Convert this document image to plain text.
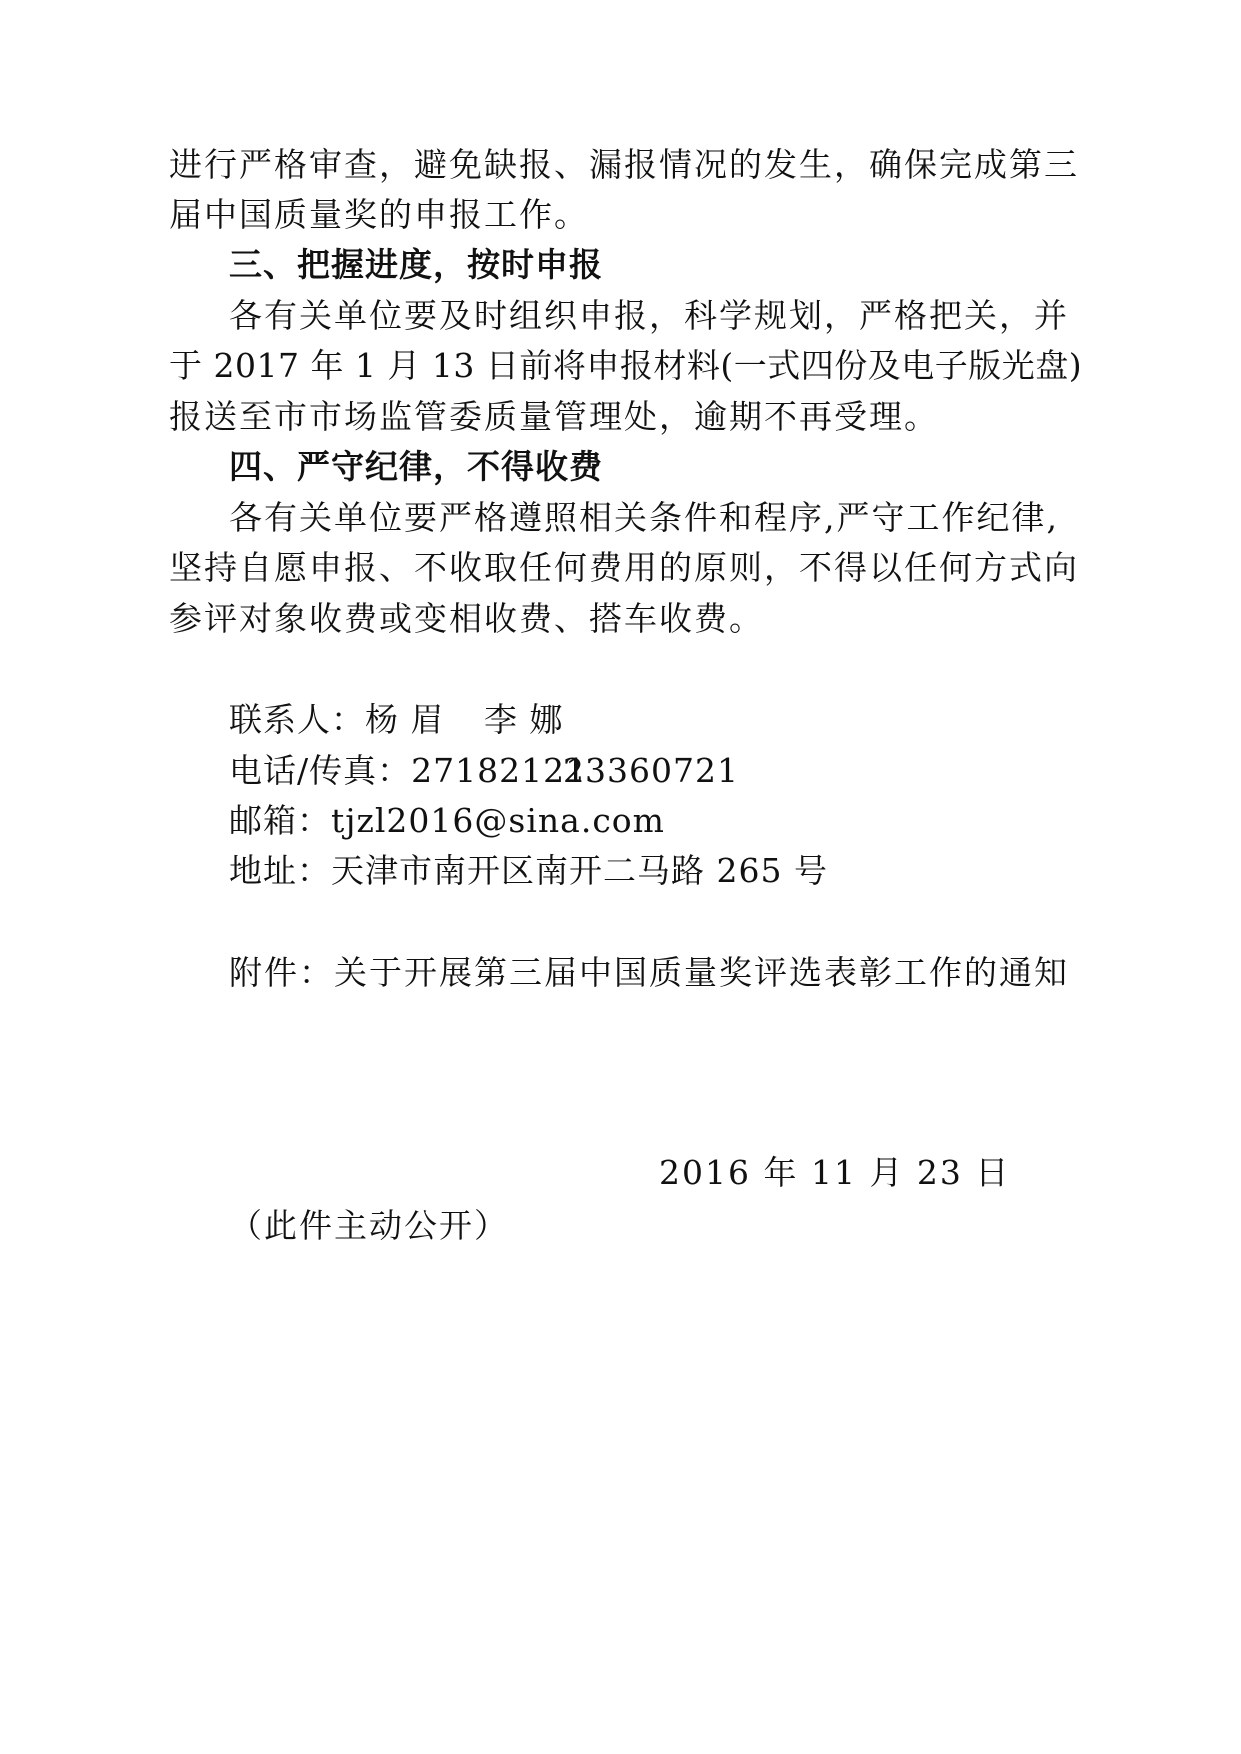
进行严格审查，避免缺报、漏报情况的发生，确保完成第三
届中国质量奖的申报工作。
三、把握进度，按时申报
各有关单位要及时组织申报，科学规划，严格把关，并
于 2017 年 1 月 13 日前将申报材料(一式四份及电子版光盘)
报送至市市场监管委质量管理处，逾期不再受理。
四、严守纪律，不得收费
各有关单位要严格遵照相关条件和程序,严守工作纪律,
坚持自愿申报、不收取任何费用的原则，不得以任何方式向
参评对象收费或变相收费、搭车收费。
联系人：杨 眉 李 娜
电话/传真：27182121
23360721
邮箱：tjzl2016@sina.com
地址：天津市南开区南开二马路 265 号
附件：关于开展第三届中国质量奖评选表彰工作的通知
2016 年 11 月 23 日
（此件主动公开）
